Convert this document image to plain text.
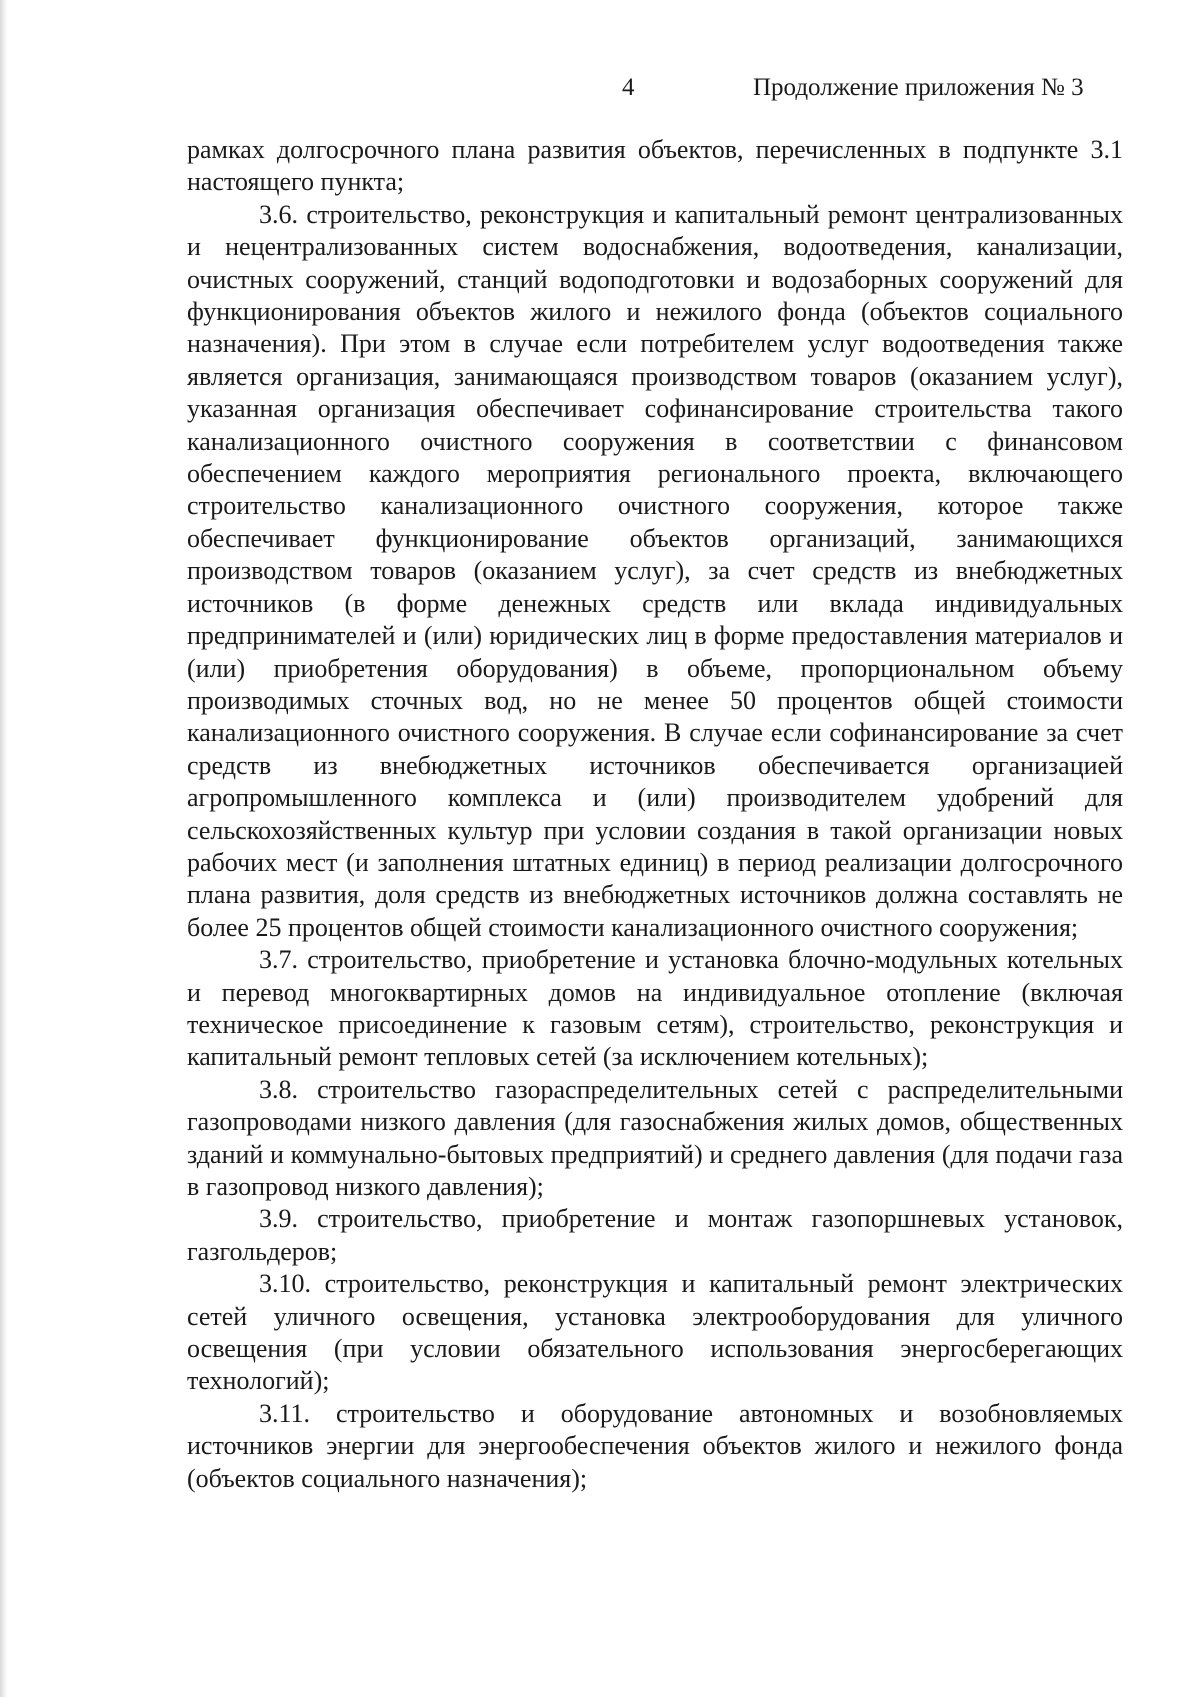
4	Продолжение приложения № 3

рамках долгосрочного плана развития объектов, перечисленных в подпункте 3.1 настоящего пункта;

3.6. строительство, реконструкция и капитальный ремонт централизованных и нецентрализованных систем водоснабжения, водоотведения, канализации, очистных сооружений, станций водоподготовки и водозаборных сооружений для функционирования объектов жилого и нежилого фонда (объектов социального назначения). При этом в случае если потребителем услуг водоотведения также является организация, занимающаяся производством товаров (оказанием услуг), указанная организация обеспечивает софинансирование строительства такого канализационного очистного сооружения в соответствии с финансовом обеспечением каждого мероприятия регионального проекта, включающего строительство канализационного очистного сооружения, которое также обеспечивает функционирование объектов организаций, занимающихся производством товаров (оказанием услуг), за счет средств из внебюджетных источников (в форме денежных средств или вклада индивидуальных предпринимателей и (или) юридических лиц в форме предоставления материалов и (или) приобретения оборудования) в объеме, пропорциональном объему производимых сточных вод, но не менее 50 процентов общей стоимости канализационного очистного сооружения. В случае если софинансирование за счет средств из внебюджетных источников обеспечивается организацией агропромышленного комплекса и (или) производителем удобрений для сельскохозяйственных культур при условии создания в такой организации новых рабочих мест (и заполнения штатных единиц) в период реализации долгосрочного плана развития, доля средств из внебюджетных источников должна составлять не более 25 процентов общей стоимости канализационного очистного сооружения;

3.7. строительство, приобретение и установка блочно-модульных котельных и перевод многоквартирных домов на индивидуальное отопление (включая техническое присоединение к газовым сетям), строительство, реконструкция и капитальный ремонт тепловых сетей (за исключением котельных);

3.8. строительство газораспределительных сетей с распределительными газопроводами низкого давления (для газоснабжения жилых домов, общественных зданий и коммунально-бытовых предприятий) и среднего давления (для подачи газа в газопровод низкого давления);

3.9. строительство, приобретение и монтаж газопоршневых установок, газгольдеров;

3.10. строительство, реконструкция и капитальный ремонт электрических сетей уличного освещения, установка электрооборудования для уличного освещения (при условии обязательного использования энергосберегающих технологий);

3.11. строительство и оборудование автономных и возобновляемых источников энергии для энергообеспечения объектов жилого и нежилого фонда (объектов социального назначения);
